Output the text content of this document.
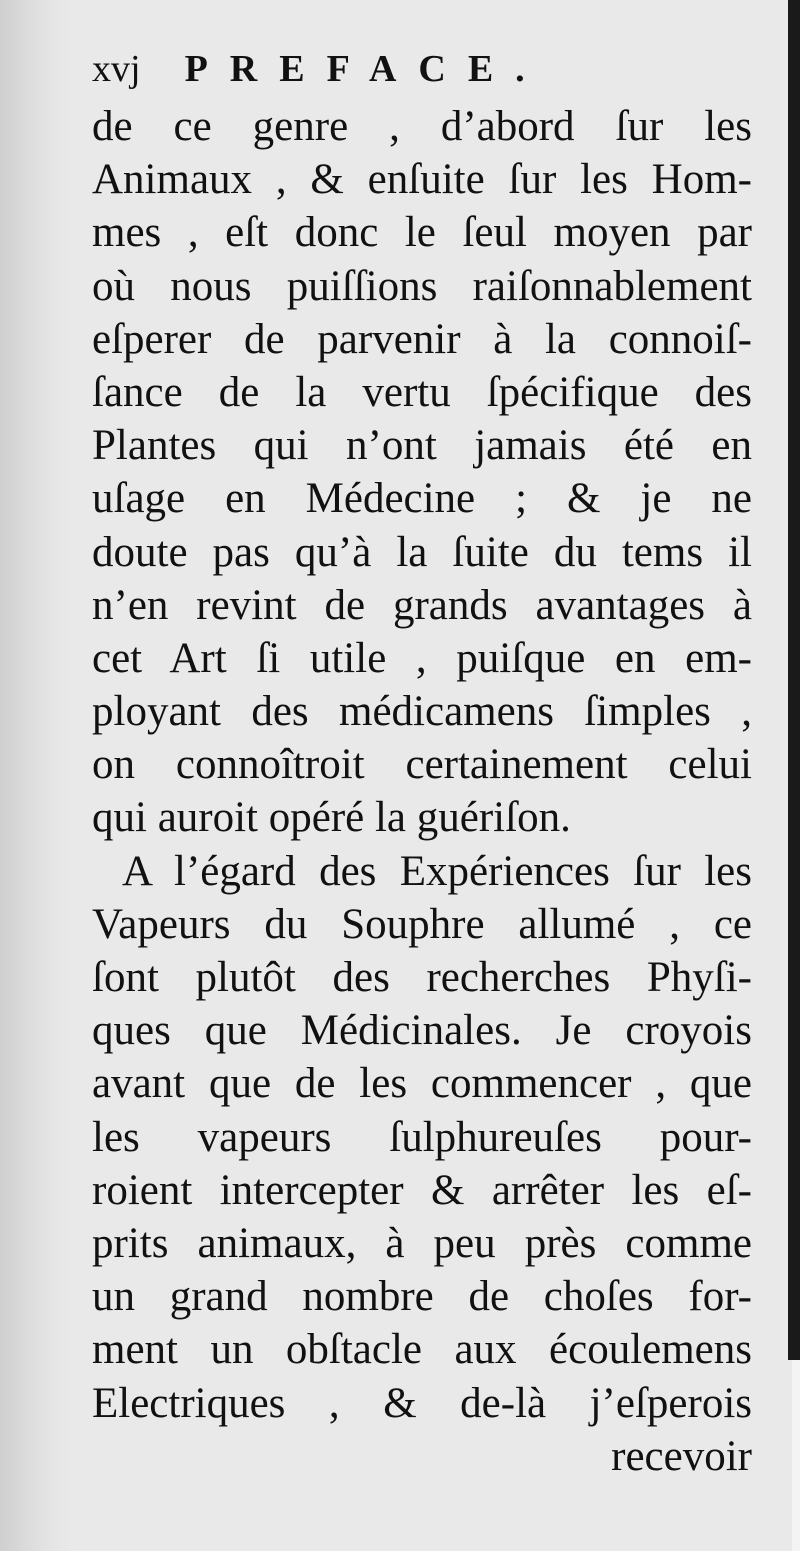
xvj PREFACE.
de ce genre , d’abord ſur les
Animaux , & enſuite ſur les Hom-
mes , eſt donc le ſeul moyen par
où nous puiſſions raiſonnablement
eſperer de parvenir à la connoiſ-
ſance de la vertu ſpécifique des
Plantes qui n’ont jamais été en
uſage en Médecine ; & je ne
doute pas qu’à la ſuite du tems il
n’en revint de grands avantages à
cet Art ſi utile , puiſque en em-
ployant des médicamens ſimples ,
on connoîtroit certainement celui
qui auroit opéré la guériſon.
A l’égard des Expériences ſur les
Vapeurs du Souphre allumé , ce
ſont plutôt des recherches Phyſi-
ques que Médicinales. Je croyois
avant que de les commencer , que
les vapeurs ſulphureuſes pour-
roient intercepter & arrêter les eſ-
prits animaux, à peu près comme
un grand nombre de choſes for-
ment un obſtacle aux écoulemens
Electriques , & de-là j’eſperois
recevoir
